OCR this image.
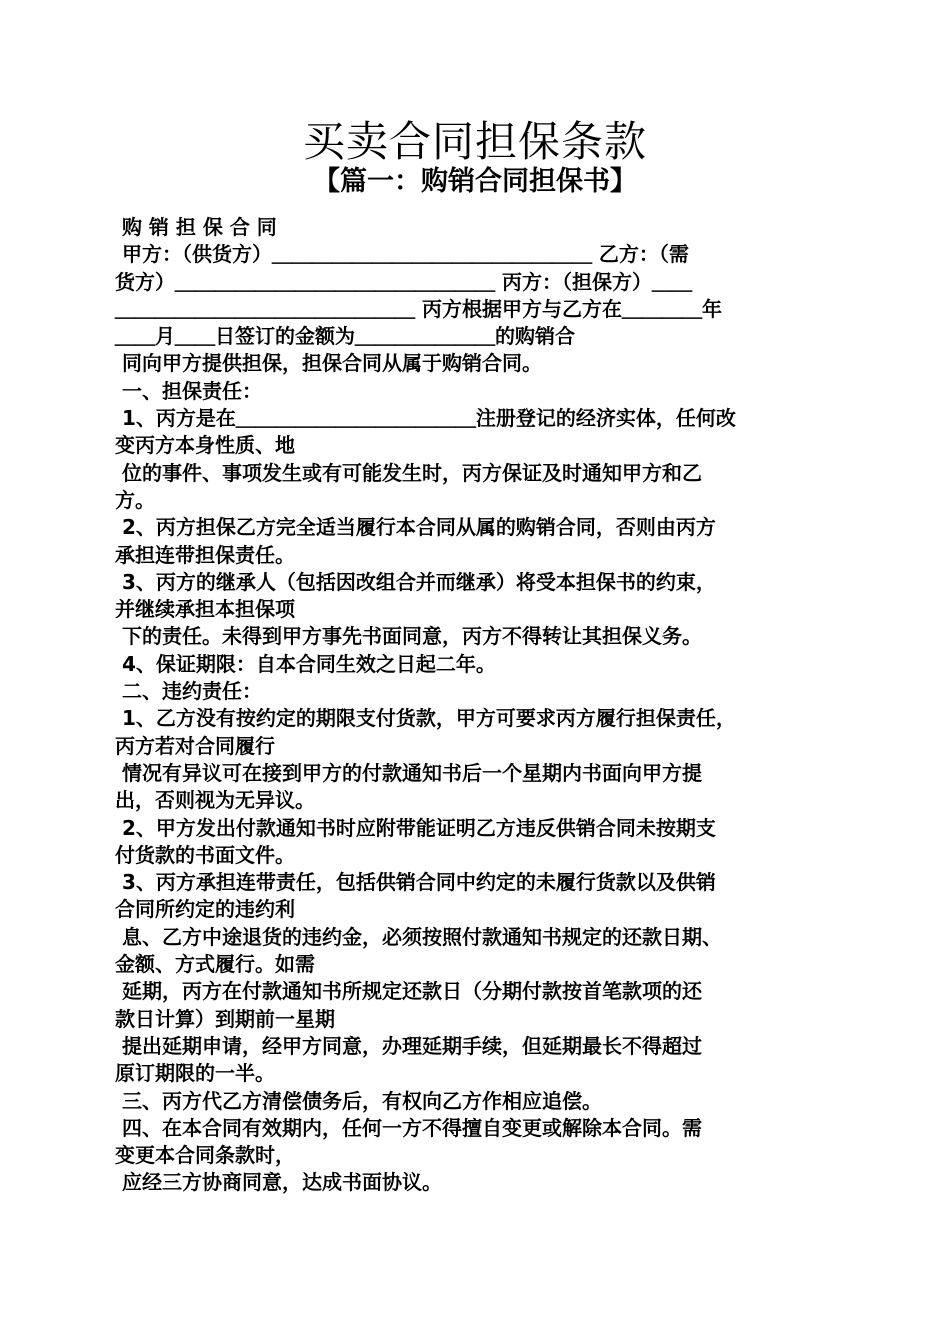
买卖合同担保条款
【篇一：购销合同担保书】

购 销 担 保 合 同

甲方：（供货方）＿＿＿＿＿＿＿＿＿＿＿＿＿＿＿＿ 乙方：（需

货方）＿＿＿＿＿＿＿＿＿＿＿＿＿＿＿＿ 丙方：（担保方）＿＿

＿＿＿＿＿＿＿＿＿＿＿＿＿＿＿ 丙方根据甲方与乙方在＿＿＿＿年

＿＿月＿＿日签订的金额为＿＿＿＿＿＿＿的购销合

同向甲方提供担保，担保合同从属于购销合同。

一、担保责任：

1、丙方是在＿＿＿＿＿＿＿＿＿＿＿＿注册登记的经济实体，任何改

变丙方本身性质、地

位的事件、事项发生或有可能发生时，丙方保证及时通知甲方和乙

方。

2、丙方担保乙方完全适当履行本合同从属的购销合同，否则由丙方

承担连带担保责任。

3、丙方的继承人（包括因改组合并而继承）将受本担保书的约束，

并继续承担本担保项

下的责任。未得到甲方事先书面同意，丙方不得转让其担保义务。

4、保证期限：自本合同生效之日起二年。

二、违约责任：

1、乙方没有按约定的期限支付货款，甲方可要求丙方履行担保责任，

丙方若对合同履行

情况有异议可在接到甲方的付款通知书后一个星期内书面向甲方提

出，否则视为无异议。

2、甲方发出付款通知书时应附带能证明乙方违反供销合同未按期支

付货款的书面文件。

3、丙方承担连带责任，包括供销合同中约定的未履行货款以及供销

合同所约定的违约利

息、乙方中途退货的违约金，必须按照付款通知书规定的还款日期、

金额、方式履行。如需

延期，丙方在付款通知书所规定还款日（分期付款按首笔款项的还

款日计算）到期前一星期

提出延期申请，经甲方同意，办理延期手续，但延期最长不得超过

原订期限的一半。

三、丙方代乙方清偿债务后，有权向乙方作相应追偿。

四、在本合同有效期内，任何一方不得擅自变更或解除本合同。需

变更本合同条款时，

应经三方协商同意，达成书面协议。
